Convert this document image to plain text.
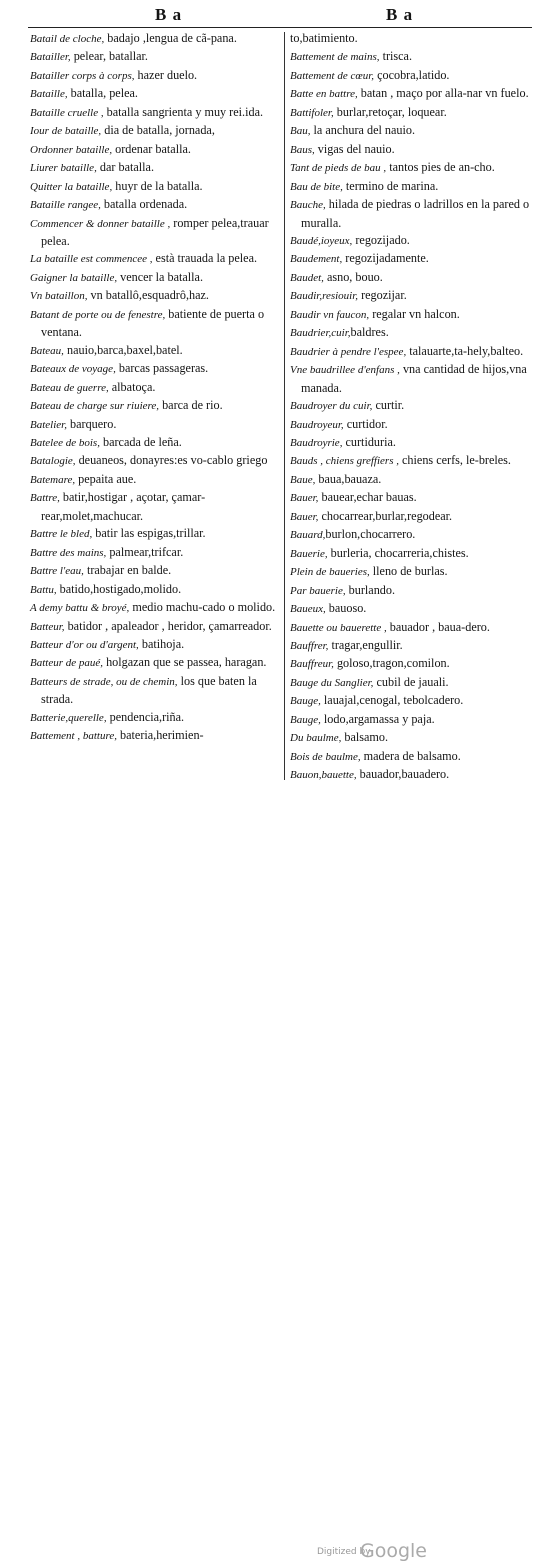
B a	B a

Batail de cloche, badajo ,lengua de cã-pana.

Batailler, pelear, batallar.

Batailler corps à corps, hazer duelo.

Bataille, batalla, pelea.

Bataille cruelle , batalla sangrienta y muy rei.ida.

Iour de bataille, dia de batalla, jornada,

Ordonner bataille, ordenar batalla.

Liurer bataille, dar batalla.

Quitter la bataille, huyr de la batalla.

Bataille rangee, batalla ordenada.

Commencer & donner bataille , romper pelea,trauar pelea.

La bataille est commencee , està trauada la pelea.

Gaigner la bataille, vencer la batalla.

Vn bataillon, vn batallô,esquadrô,haz.

Batant de porte ou de fenestre, batiente de puerta o ventana.

Bateau, nauio,barca,baxel,batel.

Bateaux de voyage, barcas passageras.

Bateau de guerre, albatoça.

Bateau de charge sur riuiere, barca de rio.

Batelier, barquero.

Batelee de bois, barcada de leña.

Batalogie, deuaneos, donayres:es vo-cablo griego

Batemare, pepaita aue.

Battre, batir,hostigar , açotar, çamar-rear,molet,machucar.

Battre le bled, batir las espigas,trillar.

Battre des mains, palmear,trifcar.

Battre l'eau, trabajar en balde.

Battu, batido,hostigado,molido.

A demy battu & broyé, medio machu-cado o molido.

Batteur, batidor , apaleador , heridor, çamarreador.

Batteur d'or ou d'argent, batihoja.

Batteur de paué, holgazan que se passea, haragan.

Batteurs de strade, ou de chemin, los que baten la strada.

Batterie,querelle, pendencia,riña.

Battement , batture, bateria,herimien-

to,batimiento.

Battement de mains, trisca.

Battement de cœur, çocobra,latido.

Batte en battre, batan , maço por alla-nar vn fuelo.

Battifoler, burlar,retoçar, loquear.

Bau, la anchura del nauio.

Baus, vigas del nauio.

Tant de pieds de bau , tantos pies de an-cho.

Bau de bite, termino de marina.

Bauche, hilada de piedras o ladrillos en la pared o muralla.

Baudé,ioyeux, regozijado.

Baudement, regozijadamente.

Baudet, asno, bouo.

Baudir,resiouir, regozijar.

Baudir vn faucon, regalar vn halcon.

Baudrier,cuir,baldres.

Baudrier à pendre l'espee, talauarte,ta-hely,balteo.

Vne baudrillee d'enfans , vna cantidad de hijos,vna manada.

Baudroyer du cuir, curtir.

Baudroyeur, curtidor.

Baudroyrie, curtiduria.

Bauds , chiens greffiers , chiens cerfs, le-breles.

Baue, baua,bauaza.

Bauer, bauear,echar bauas.

Bauer, chocarrear,burlar,regodear.

Bauard,burlon,chocarrero.

Bauerie, burleria, chocarreria,chistes.

Plein de baueries, lleno de burlas.

Par bauerie, burlando.

Baueux, bauoso.

Bauette ou bauerette , bauador , baua-dero.

Bauffrer, tragar,engullir.

Bauffreur, goloso,tragon,comilon.

Bauge du Sanglier, cubil de jauali.

Bauge, lauajal,cenogal, tebolcadero.

Bauge, lodo,argamassa y paja.

Du baulme, balsamo.

Bois de baulme, madera de balsamo.

Bauon,bauette, bauador,bauadero.

Digitized by
Google
